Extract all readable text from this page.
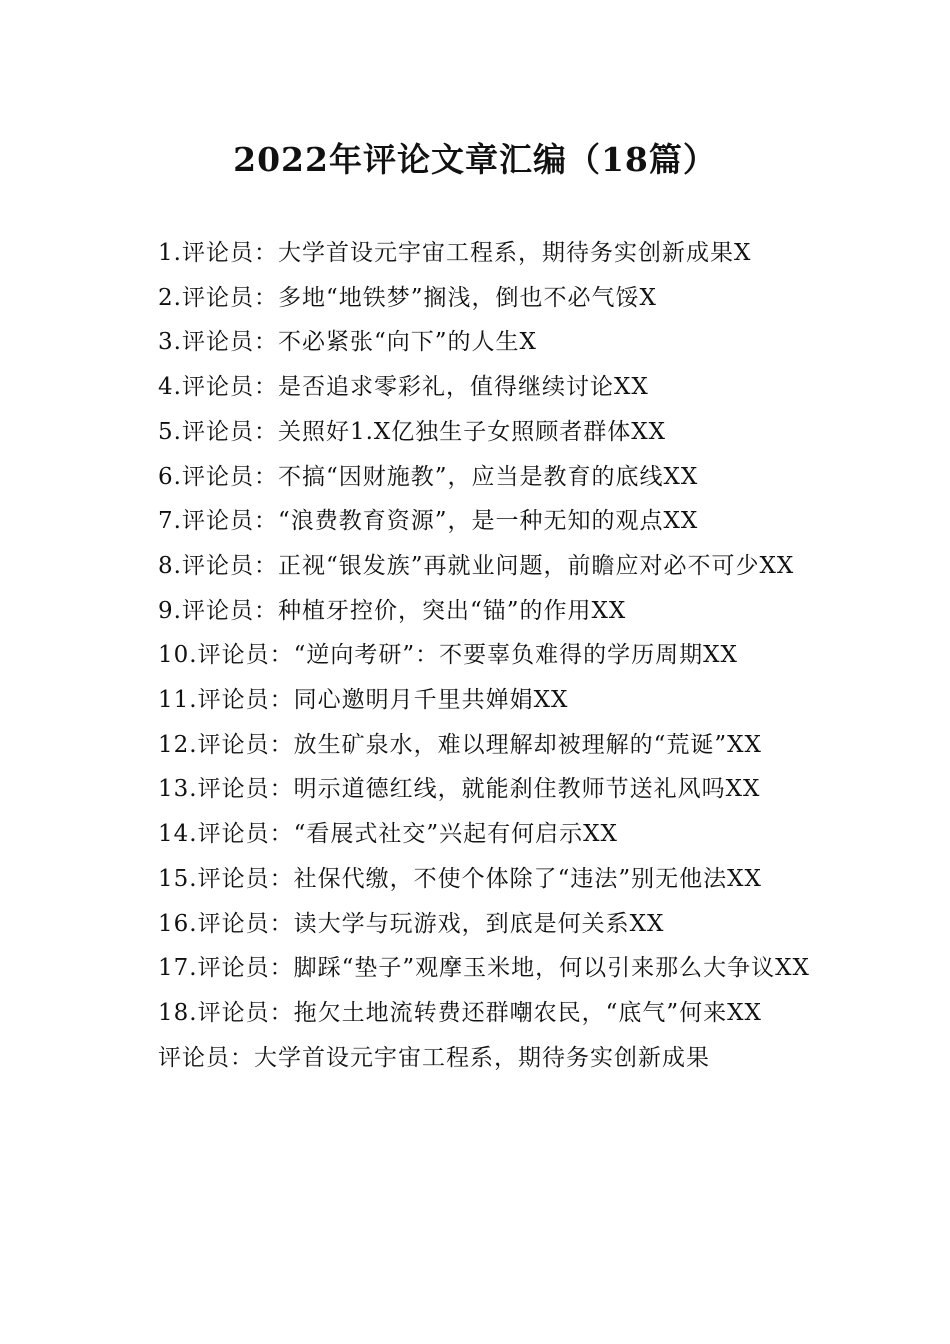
2022年评论文章汇编（18篇）

1.评论员：大学首设元宇宙工程系，期待务实创新成果X

2.评论员：多地“地铁梦”搁浅，倒也不必气馁X

3.评论员：不必紧张“向下”的人生X

4.评论员：是否追求零彩礼，值得继续讨论XX

5.评论员：关照好1.X亿独生子女照顾者群体XX

6.评论员：不搞“因财施教”，应当是教育的底线XX

7.评论员：“浪费教育资源”，是一种无知的观点XX

8.评论员：正视“银发族”再就业问题，前瞻应对必不可少XX

9.评论员：种植牙控价，突出“锚”的作用XX

10.评论员：“逆向考研”：不要辜负难得的学历周期XX

11.评论员：同心邀明月千里共婵娟XX

12.评论员：放生矿泉水，难以理解却被理解的“荒诞”XX

13.评论员：明示道德红线，就能刹住教师节送礼风吗XX

14.评论员：“看展式社交”兴起有何启示XX

15.评论员：社保代缴，不使个体除了“违法”别无他法XX

16.评论员：读大学与玩游戏，到底是何关系XX

17.评论员：脚踩“垫子”观摩玉米地，何以引来那么大争议XX

18.评论员：拖欠土地流转费还群嘲农民，“底气”何来XX

评论员：大学首设元宇宙工程系，期待务实创新成果
